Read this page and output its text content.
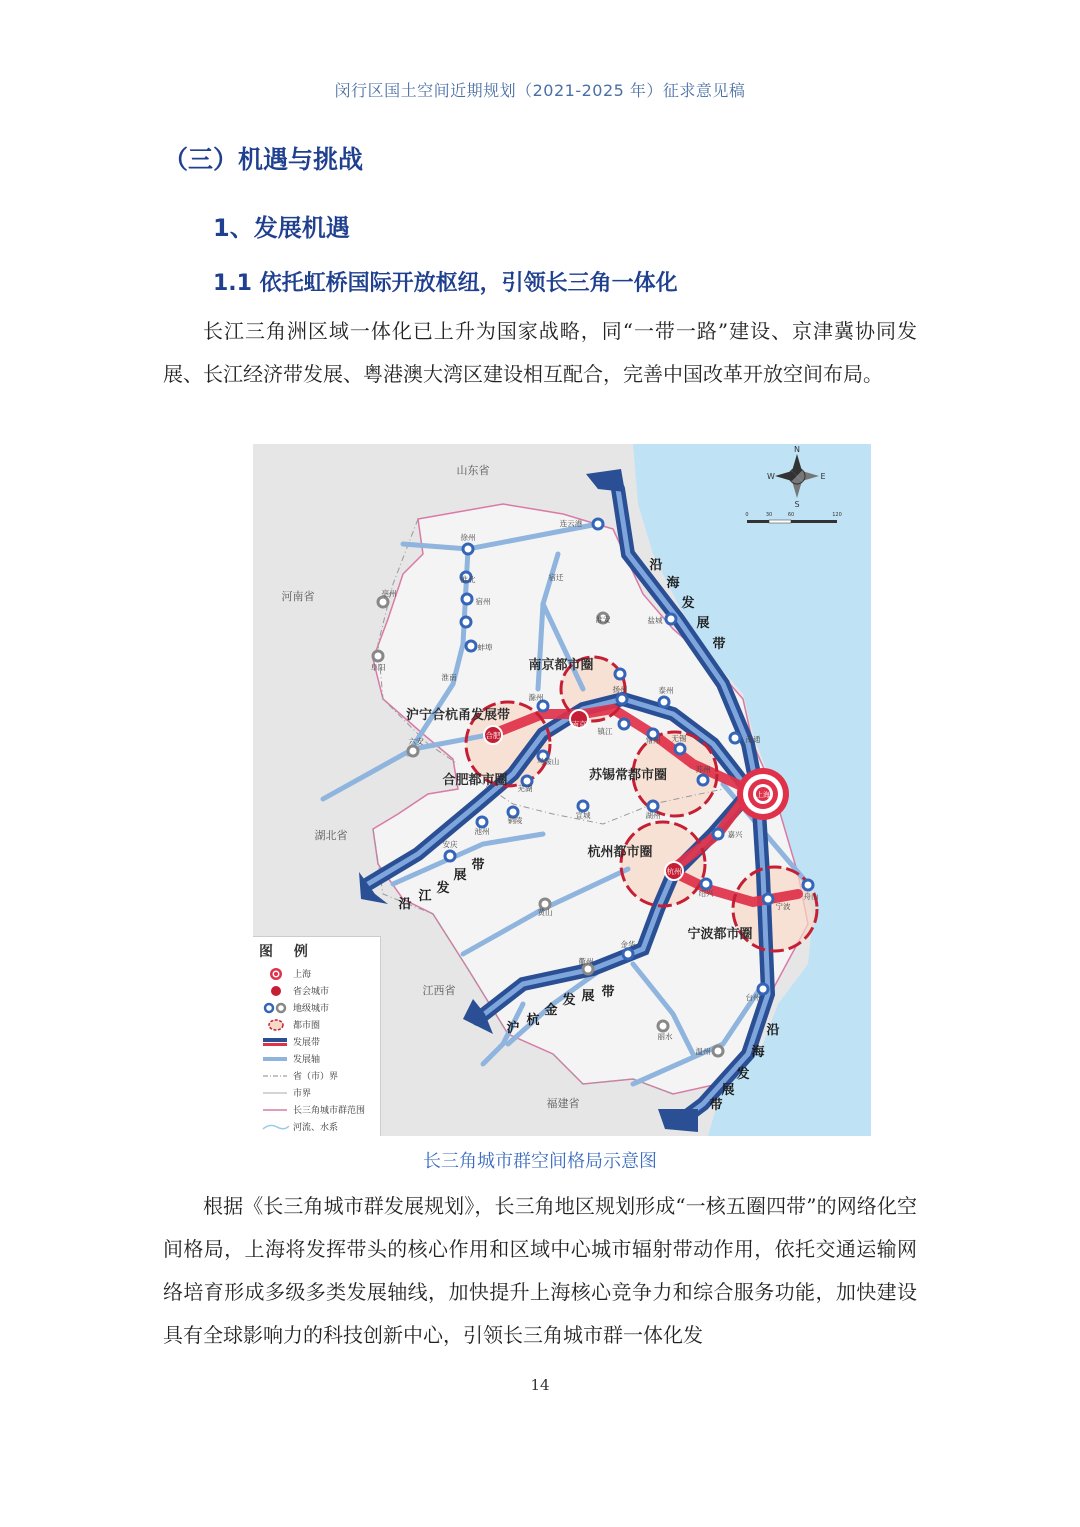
闵行区国土空间近期规划（2021-2025 年）征求意见稿
（三）机遇与挑战
1、发展机遇
1.1 依托虹桥国际开放枢纽，引领长三角一体化

长江三角洲区域一体化已上升为国家战略，同“一带一路”建设、京津冀协同发展、长江经济带发展、粤港澳大湾区建设相互配合，完善中国改革开放空间布局。

连云港
徐州
宿迁
淮北
亳州
宿州
阜阳
蚌埠
淮南
淮安	盐城
滁州
扬州	泰州
南京
镇江
南通
常州 无锡
苏州
马鞍山
六安
合肥
芜湖
铜陵
池州
安庆
宣城	湖州
嘉兴
杭州
绍兴	舟山
宁波
黄山
金华
衢州
台州
丽水
温州
上海
山东省
河南省
湖北省
江西省
福建省
南京都市圈
合肥都市圈	苏锡常都市圈
杭州都市圈
宁波都市圈
沪宁合杭甬发展带
沿
海
发
展
带
沿
海
发
展
带
沿
江
发
展
带
沪
杭
金
发 展 带
N
E
S
W
0	30	60	120
图 例
上海
省会城市
地级城市
都市圈
发展带
发展轴
省（市）界
市界
长三角城市群范围
河流、水系
长三角城市群空间格局示意图

根据《长三角城市群发展规划》，长三角地区规划形成“一核五圈四带”的网络化空间格局，上海将发挥带头的核心作用和区域中心城市辐射带动作用，依托交通运输网络培育形成多级多类发展轴线，加快提升上海核心竞争力和综合服务功能，加快建设具有全球影响力的科技创新中心，引领长三角城市群一体化发

14
